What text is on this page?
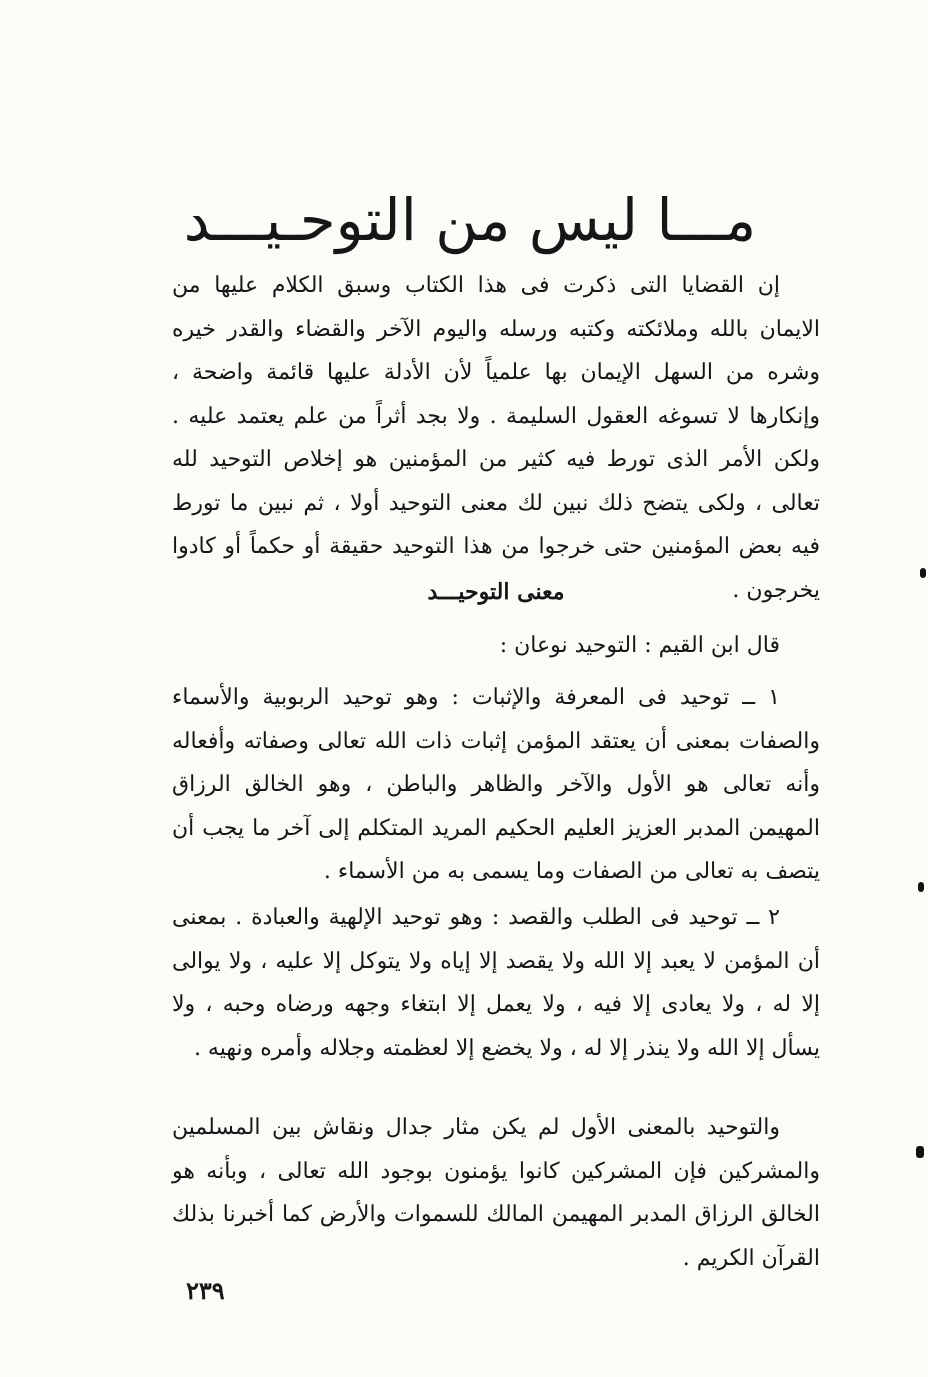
مـــا ليس من التوحـيـــد
إن القضايا التى ذكرت فى هذا الكتاب وسبق الكلام عليها من الايمان بالله وملائكته وكتبه ورسله واليوم الآخر والقضاء والقدر خيره وشره من السهل الإيمان بها علمياً لأن الأدلة عليها قائمة واضحة ، وإنكارها لا تسوغه العقول السليمة . ولا بجد أثراً من علم يعتمد عليه . ولكن الأمر الذى تورط فيه كثير من المؤمنين هو إخلاص التوحيد لله تعالى ، ولكى يتضح ذلك نبين لك معنى التوحيد أولا ، ثم نبين ما تورط فيه بعض المؤمنين حتى خرجوا من هذا التوحيد حقيقة أو حكماً أو كادوا يخرجون .
معنى التوحيـــد
قال ابن القيم : التوحيد نوعان :
١ ــ توحيد فى المعرفة والإثبات : وهو توحيد الربوبية والأسماء والصفات بمعنى أن يعتقد المؤمن إثبات ذات الله تعالى وصفاته وأفعاله وأنه تعالى هو الأول والآخر والظاهر والباطن ، وهو الخالق الرزاق المهيمن المدبر العزيز العليم الحكيم المريد المتكلم إلى آخر ما يجب أن يتصف به تعالى من الصفات وما يسمى به من الأسماء .
٢ ــ توحيد فى الطلب والقصد : وهو توحيد الإلهية والعبادة . بمعنى أن المؤمن لا يعبد إلا الله ولا يقصد إلا إياه ولا يتوكل إلا عليه ، ولا يوالى إلا له ، ولا يعادى إلا فيه ، ولا يعمل إلا ابتغاء وجهه ورضاه وحبه ، ولا يسأل إلا الله ولا ينذر إلا له ، ولا يخضع إلا لعظمته وجلاله وأمره ونهيه .
والتوحيد بالمعنى الأول لم يكن مثار جدال ونقاش بين المسلمين والمشركين فإن المشركين كانوا يؤمنون بوجود الله تعالى ، وبأنه هو الخالق الرزاق المدبر المهيمن المالك للسموات والأرض كما أخبرنا بذلك القرآن الكريم .
٢٣٩
